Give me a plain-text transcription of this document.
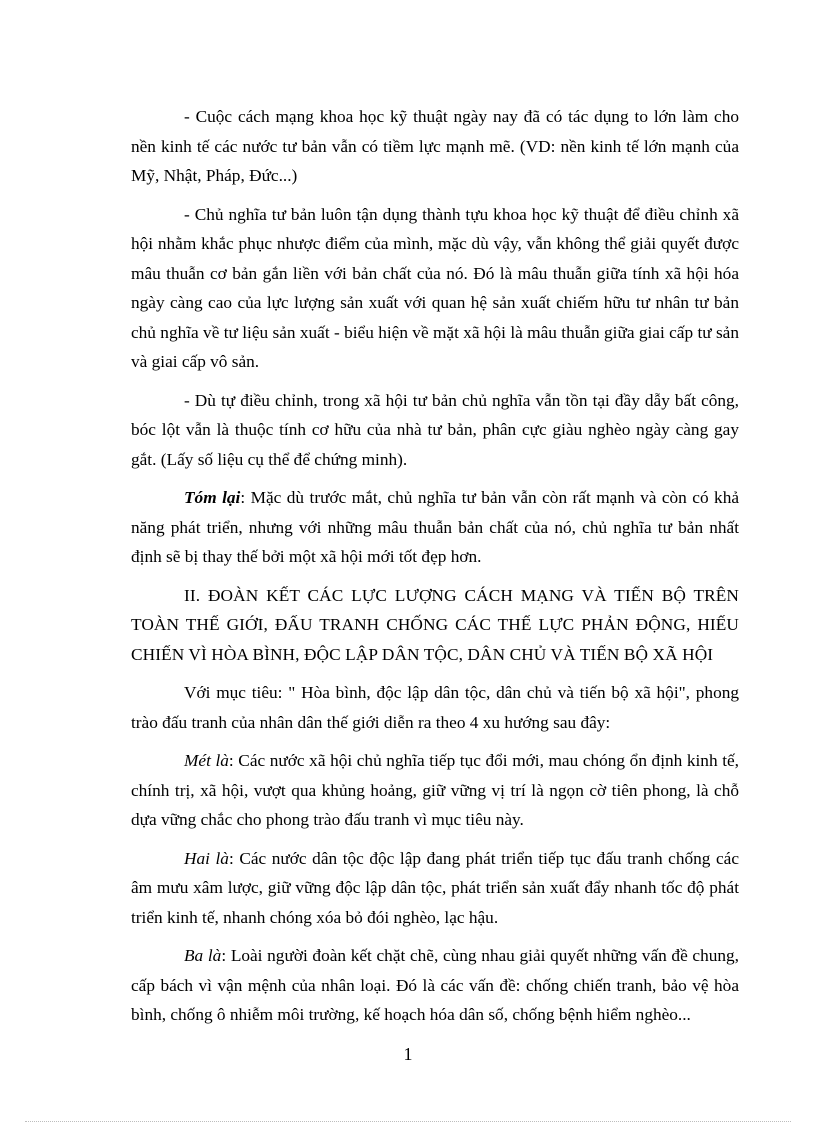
- Cuộc cách mạng khoa học kỹ thuật ngày nay đã có tác dụng to lớn làm cho nền kinh tế các nước tư bản vẫn có tiềm lực mạnh mẽ. (VD: nền kinh tế lớn mạnh của Mỹ, Nhật, Pháp, Đức...)

- Chủ nghĩa tư bản luôn tận dụng thành tựu khoa học kỹ thuật để điều chỉnh xã hội nhằm khắc phục nhược điểm của mình, mặc dù vậy, vẫn không thể giải quyết được mâu thuẫn cơ bản gắn liền với bản chất của nó. Đó là mâu thuẫn giữa tính xã hội hóa ngày càng cao của lực lượng sản xuất với quan hệ sản xuất chiếm hữu tư nhân tư bản chủ nghĩa về tư liệu sản xuất - biểu hiện về mặt xã hội là mâu thuẫn giữa giai cấp tư sản và giai cấp vô sản.

- Dù tự điều chỉnh, trong xã hội tư bản chủ nghĩa vẫn tồn tại đầy dẫy bất công, bóc lột vẫn là thuộc tính cơ hữu của nhà tư bản, phân cực giàu nghèo ngày càng gay gắt. (Lấy số liệu cụ thể để chứng minh).

Tóm lại: Mặc dù trước mắt, chủ nghĩa tư bản vẫn còn rất mạnh và còn có khả năng phát triển, nhưng với những mâu thuẫn bản chất của nó, chủ nghĩa tư bản nhất định sẽ bị thay thế bởi một xã hội mới tốt đẹp hơn.

II. ĐOÀN KẾT CÁC LỰC LƯỢNG CÁCH MẠNG VÀ TIẾN BỘ TRÊN TOÀN THẾ GIỚI, ĐẤU TRANH CHỐNG CÁC THẾ LỰC PHẢN ĐỘNG, HIẾU CHIẾN VÌ HÒA BÌNH, ĐỘC LẬP DÂN TỘC, DÂN CHỦ VÀ TIẾN BỘ XÃ HỘI

Với mục tiêu: " Hòa bình, độc lập dân tộc, dân chủ và tiến bộ xã hội", phong trào đấu tranh của nhân dân thế giới diễn ra theo 4 xu hướng sau đây:

Mét là: Các nước xã hội chủ nghĩa tiếp tục đổi mới, mau chóng ổn định kinh tế, chính trị, xã hội, vượt qua khủng hoảng, giữ vững vị trí là ngọn cờ tiên phong, là chỗ dựa vững chắc cho phong trào đấu tranh vì mục tiêu này.

Hai là: Các nước dân tộc độc lập đang phát triển tiếp tục đấu tranh chống các âm mưu xâm lược, giữ vững độc lập dân tộc, phát triển sản xuất đẩy nhanh tốc độ phát triển kinh tế, nhanh chóng xóa bỏ đói nghèo, lạc hậu.

Ba là: Loài người đoàn kết chặt chẽ, cùng nhau giải quyết những vấn đề chung, cấp bách vì vận mệnh của nhân loại. Đó là các vấn đề: chống chiến tranh, bảo vệ hòa bình, chống ô nhiễm môi trường, kế hoạch hóa dân số, chống bệnh hiểm nghèo...

1
